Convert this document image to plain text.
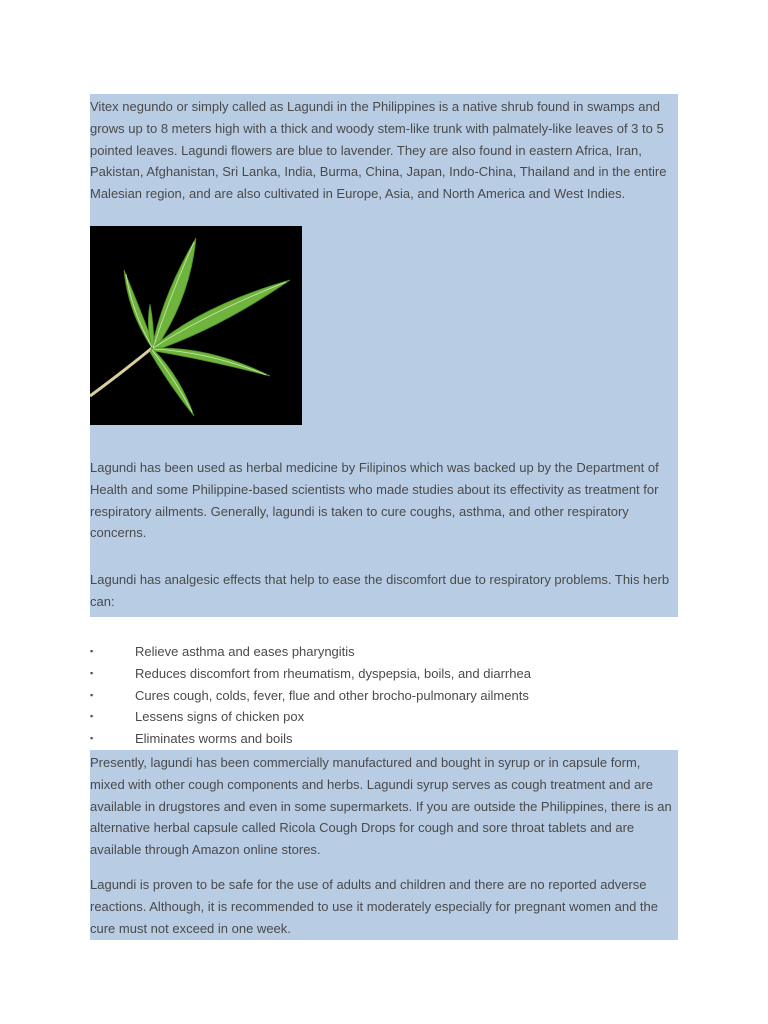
Vitex negundo or simply called as Lagundi in the Philippines is a native shrub found in swamps and grows up to 8 meters high with a thick and woody stem-like trunk with palmately-like leaves of 3 to 5 pointed leaves. Lagundi flowers are blue to lavender. They are also found in eastern Africa, Iran, Pakistan, Afghanistan, Sri Lanka, India, Burma, China, Japan, Indo-China, Thailand and in the entire Malesian region, and are also cultivated in Europe, Asia, and North America and West Indies.

Lagundi has been used as herbal medicine by Filipinos which was backed up by the Department of Health and some Philippine-based scientists who made studies about its effectivity as treatment for respiratory ailments. Generally, lagundi is taken to cure coughs, asthma, and other respiratory concerns.

Lagundi has analgesic effects that help to ease the discomfort due to respiratory problems. This herb can:

▪	Relieve asthma and eases pharyngitis
▪	Reduces discomfort from rheumatism, dyspepsia, boils, and diarrhea
▪	Cures cough, colds, fever, flue and other brocho-pulmonary ailments
▪	Lessens signs of chicken pox
▪	Eliminates worms and boils

Presently, lagundi has been commercially manufactured and bought in syrup or in capsule form, mixed with other cough components and herbs. Lagundi syrup serves as cough treatment and are available in drugstores and even in some supermarkets. If you are outside the Philippines, there is an alternative herbal capsule called Ricola Cough Drops for cough and sore throat tablets and are available through Amazon online stores.

Lagundi is proven to be safe for the use of adults and children and there are no reported adverse reactions. Although, it is recommended to use it moderately especially for pregnant women and the cure must not exceed in one week.
